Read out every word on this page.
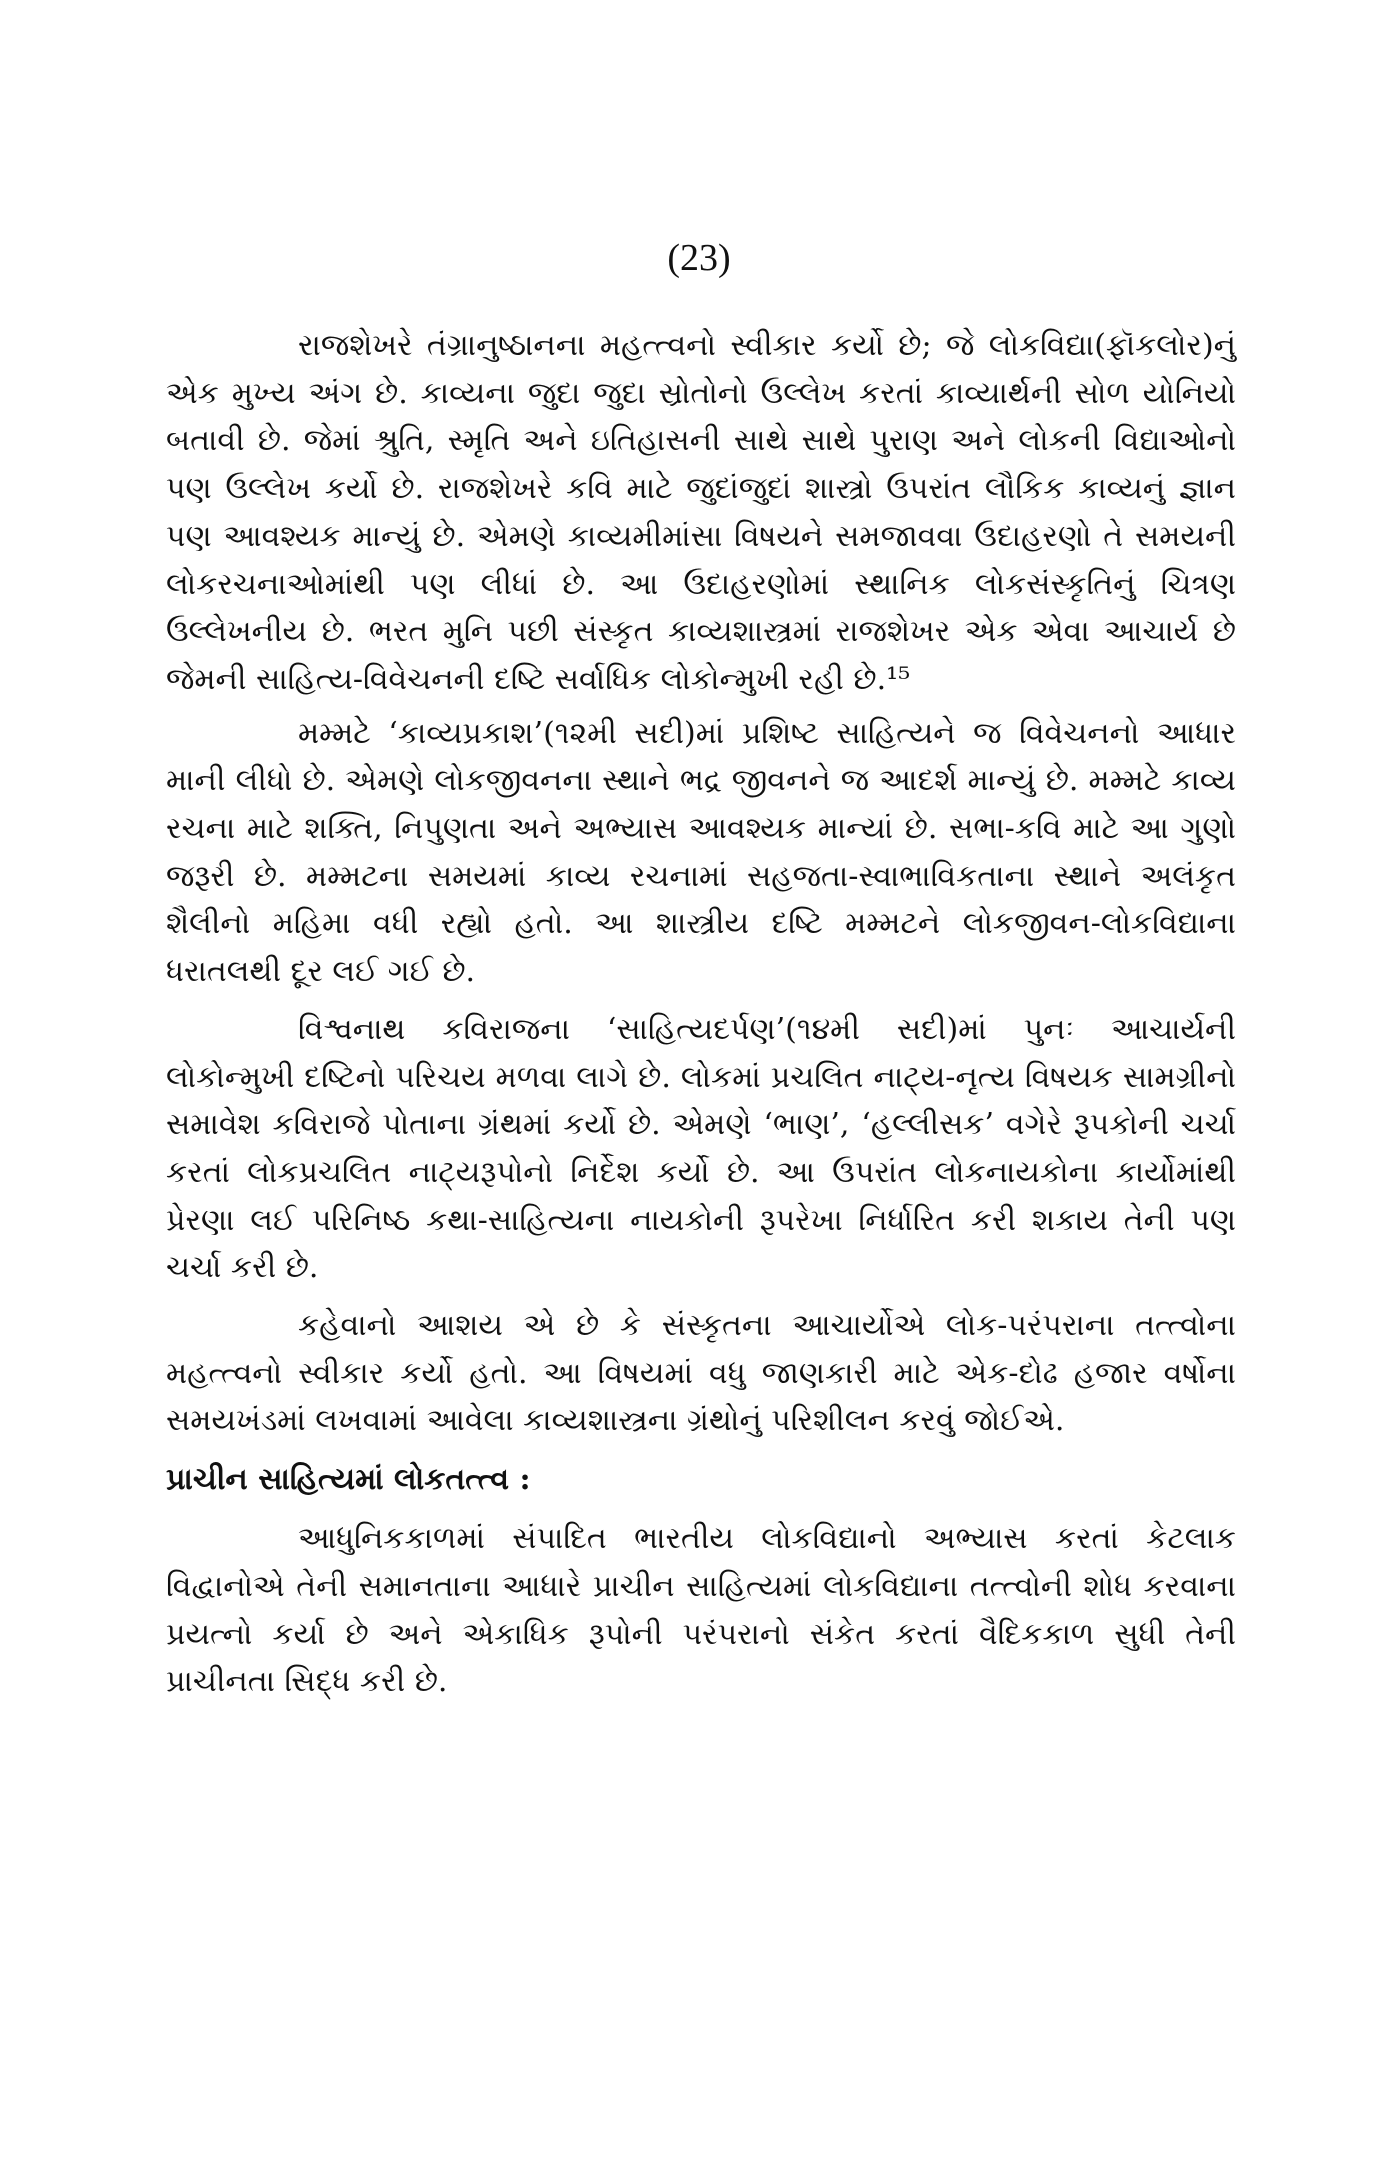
(23)

રાજશેખરે તંગ્રાનુષ્ઠાનના મહત્ત્વનો સ્વીકાર કર્યો છે; જે લોકવિદ્યા(ફૉકલોર)નું એક મુખ્ય અંગ છે. કાવ્યના જુદા જુદા સ્રોતોનો ઉલ્લેખ કરતાં કાવ્યાર્થની સોળ યોનિયો બતાવી છે. જેમાં શ્રુતિ, સ્મૃતિ અને ઇતિહાસની સાથે સાથે પુરાણ અને લોકની વિદ્યાઓનો પણ ઉલ્લેખ કર્યો છે. રાજશેખરે કવિ માટે જુદાંજુદાં શાસ્ત્રો ઉપરાંત લૌકિક કાવ્યનું જ્ઞાન પણ આવશ્યક માન્યું છે. એમણે કાવ્યમીમાંસા વિષયને સમજાવવા ઉદાહરણો તે સમયની લોકરચનાઓમાંથી પણ લીધાં છે. આ ઉદાહરણોમાં સ્થાનિક લોકસંસ્કૃતિનું ચિત્રણ ઉલ્લેખનીય છે. ભરત મુનિ પછી સંસ્કૃત કાવ્યશાસ્ત્રમાં રાજશેખર એક એવા આચાર્ય છે જેમની સાહિત્ય-વિવેચનની દષ્ટિ સર્વાધિક લોકોન્મુખી રહી છે.¹⁵

મમ્મટે ‘કાવ્યપ્રકાશ’(૧૨મી સદી)માં પ્રશિષ્ટ સાહિત્યને જ વિવેચનનો આધાર માની લીધો છે. એમણે લોકજીવનના સ્થાને ભદ્ર જીવનને જ આદર્શ માન્યું છે. મમ્મટે કાવ્ય રચના માટે શક્તિ, નિપુણતા અને અભ્યાસ આવશ્યક માન્યાં છે. સભા-કવિ માટે આ ગુણો જરૂરી છે. મમ્મટના સમયમાં કાવ્ય રચનામાં સહજતા-સ્વાભાવિકતાના સ્થાને અલંકૃત શૈલીનો મહિમા વધી રહ્યો હતો. આ શાસ્ત્રીય દષ્ટિ મમ્મટને લોકજીવન-લોકવિદ્યાના ધરાતલથી દૂર લઈ ગઈ છે.

વિશ્વનાથ કવિરાજના ‘સાહિત્યદર્પણ’(૧૪મી સદી)માં પુનઃ આચાર્યની લોકોન્મુખી દષ્ટિનો પરિચય મળવા લાગે છે. લોકમાં પ્રચલિત નાટ્ય-નૃત્ય વિષયક સામગ્રીનો સમાવેશ કવિરાજે પોતાના ગ્રંથમાં કર્યો છે. એમણે ‘ભાણ’, ‘હલ્લીસક’ વગેરે રૂપકોની ચર્ચા કરતાં લોકપ્રચલિત નાટ્યરૂપોનો નિર્દેશ કર્યો છે. આ ઉપરાંત લોકનાયકોના કાર્યોમાંથી પ્રેરણા લઈ પરિનિષ્ઠ કથા-સાહિત્યના નાયકોની રૂપરેખા નિર્ધારિત કરી શકાય તેની પણ ચર્ચા કરી છે.

કહેવાનો આશય એ છે કે સંસ્કૃતના આચાર્યોએ લોક-પરંપરાના તત્ત્વોના મહત્ત્વનો સ્વીકાર કર્યો હતો. આ વિષયમાં વધુ જાણકારી માટે એક-દોઢ હજાર વર્ષોના સમયખંડમાં લખવામાં આવેલા કાવ્યશાસ્ત્રના ગ્રંથોનું પરિશીલન કરવું જોઈએ.

પ્રાચીન સાહિત્યમાં લોકતત્ત્વ :

આધુનિકકાળમાં સંપાદિત ભારતીય લોકવિદ્યાનો અભ્યાસ કરતાં કેટલાક વિદ્વાનોએ તેની સમાનતાના આધારે પ્રાચીન સાહિત્યમાં લોકવિદ્યાના તત્ત્વોની શોધ કરવાના પ્રયત્નો કર્યા છે અને એકાધિક રૂપોની પરંપરાનો સંકેત કરતાં વૈદિકકાળ સુધી તેની પ્રાચીનતા સિદ્ધ કરી છે.
